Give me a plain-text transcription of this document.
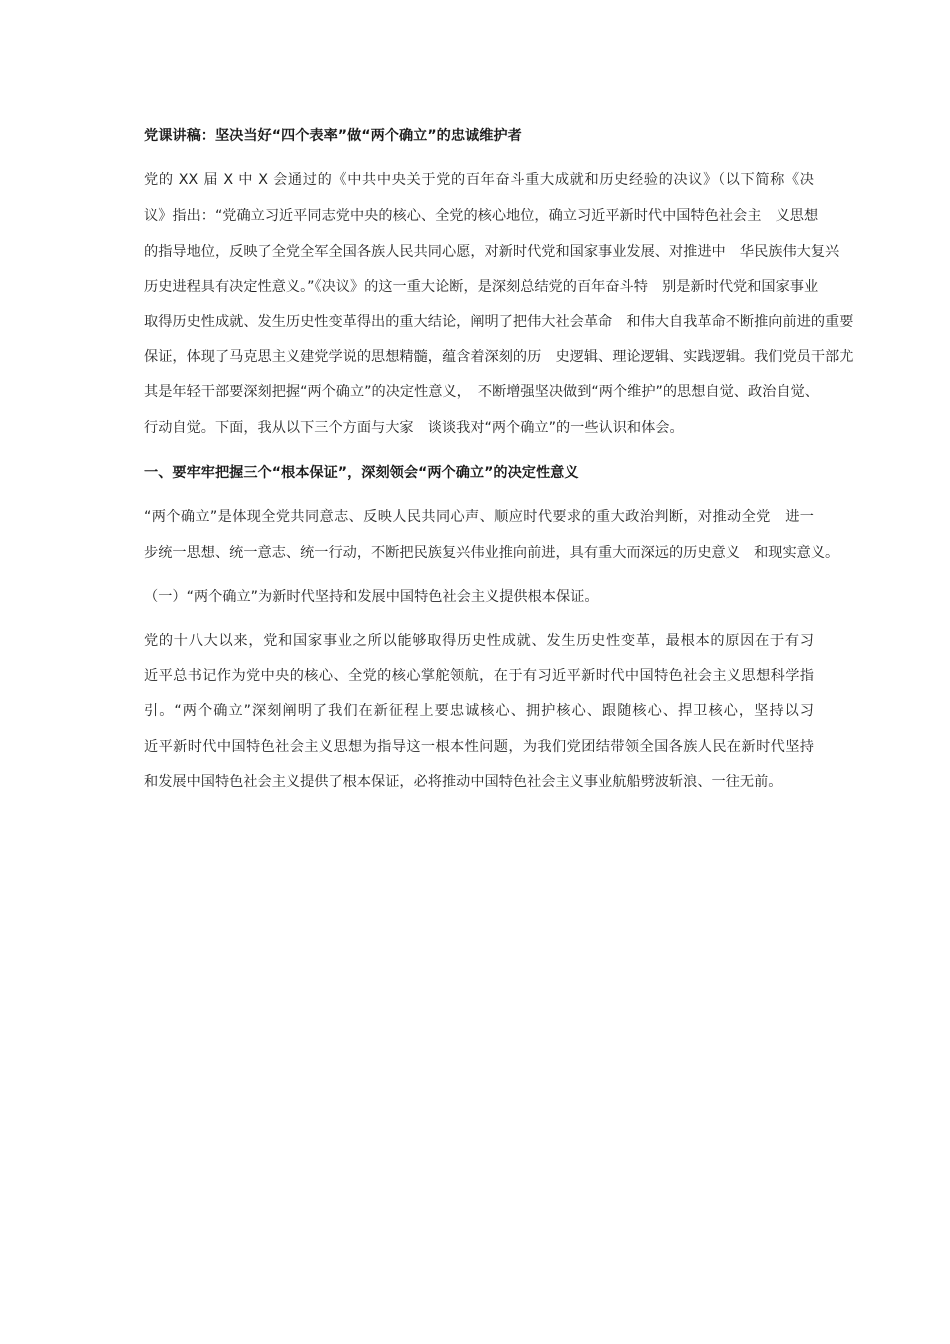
党课讲稿：坚决当好“四个表率”做“两个确立”的忠诚维护者
党的 XX 届 X 中 X 会通过的《中共中央关于党的百年奋斗重大成就和历史经验的决议》（以下简称《决
议》指出：“党确立习近平同志党中央的核心、全党的核心地位，确立习近平新时代中国特色社会主　义思想
的指导地位，反映了全党全军全国各族人民共同心愿，对新时代党和国家事业发展、对推进中　华民族伟大复兴
历史进程具有决定性意义。”《决议》的这一重大论断，是深刻总结党的百年奋斗特　别是新时代党和国家事业
取得历史性成就、发生历史性变革得出的重大结论，阐明了把伟大社会革命　和伟大自我革命不断推向前进的重要
保证，体现了马克思主义建党学说的思想精髓，蕴含着深刻的历　史逻辑、理论逻辑、实践逻辑。我们党员干部尤
其是年轻干部要深刻把握“两个确立”的决定性意义，　不断增强坚决做到“两个维护”的思想自觉、政治自觉、
行动自觉。下面，我从以下三个方面与大家　谈谈我对“两个确立”的一些认识和体会。
一、要牢牢把握三个“根本保证”，深刻领会“两个确立”的决定性意义
“两个确立”是体现全党共同意志、反映人民共同心声、顺应时代要求的重大政治判断，对推动全党　进一
步统一思想、统一意志、统一行动，不断把民族复兴伟业推向前进，具有重大而深远的历史意义　和现实意义。
（一）“两个确立”为新时代坚持和发展中国特色社会主义提供根本保证。
党的十八大以来，党和国家事业之所以能够取得历史性成就、发生历史性变革，最根本的原因在于有习
近平总书记作为党中央的核心、全党的核心掌舵领航，在于有习近平新时代中国特色社会主义思想科学指
引。“两个确立”深刻阐明了我们在新征程上要忠诚核心、拥护核心、跟随核心、捍卫核心，坚持以习
近平新时代中国特色社会主义思想为指导这一根本性问题，为我们党团结带领全国各族人民在新时代坚持
和发展中国特色社会主义提供了根本保证，必将推动中国特色社会主义事业航船劈波斩浪、一往无前。
